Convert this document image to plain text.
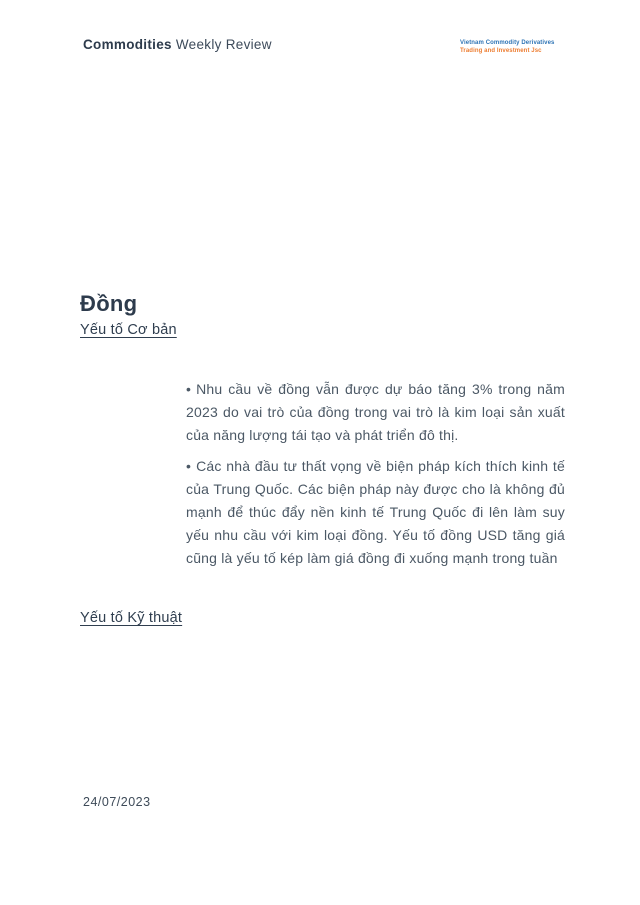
Commodities Weekly Review	Vietnam Commodity Derivatives
Trading and Investment Jsc
Đồng
Yếu tố Cơ bản

• Nhu cầu về đồng vẫn được dự báo tăng 3% trong năm 2023 do vai trò của đồng trong vai trò là kim loại sản xuất của năng lượng tái tạo và phát triển đô thị.

• Các nhà đầu tư thất vọng về biện pháp kích thích kinh tế của Trung Quốc. Các biện pháp này được cho là không đủ mạnh để thúc đẩy nền kinh tế Trung Quốc đi lên làm suy yếu nhu cầu với kim loại đồng. Yếu tố đồng USD tăng giá cũng là yếu tố kép làm giá đồng đi xuống mạnh trong tuần

Yếu tố Kỹ thuật
24/07/2023
